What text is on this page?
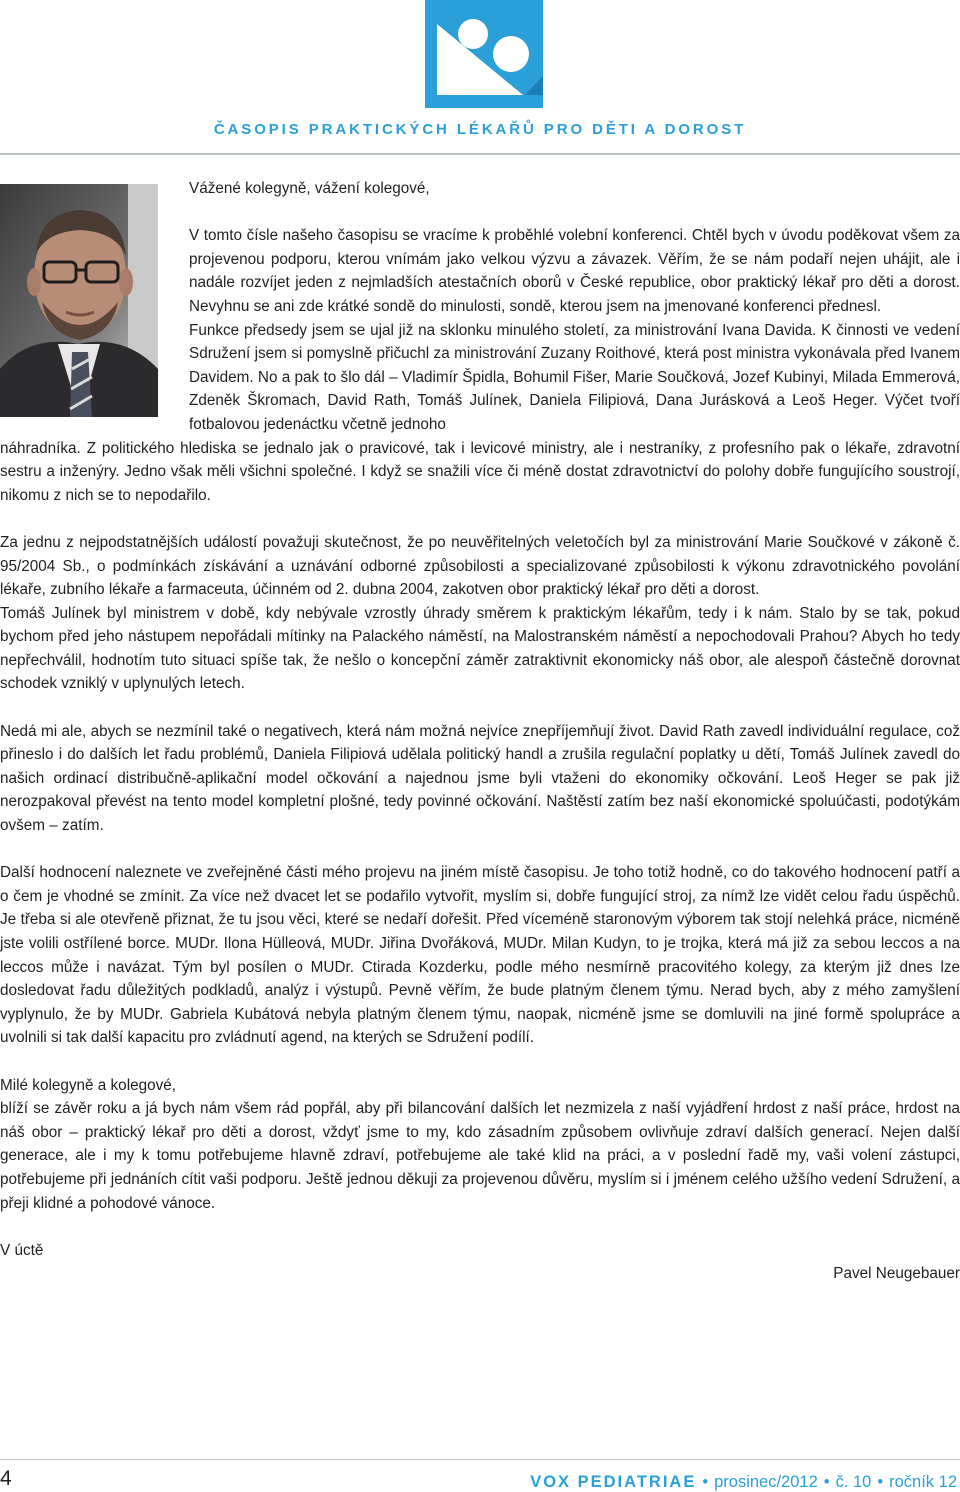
ČASOPIS PRAKTICKÝCH LÉKAŘŮ PRO DĚTI A DOROST

Vážené kolegyně, vážení kolegové,

V tomto čísle našeho časopisu se vracíme k proběhlé volební konferenci. Chtěl bych v úvodu poděkovat všem za projevenou podporu, kterou vnímám jako velkou výzvu a závazek. Věřím, že se nám podaří nejen uhájit, ale i nadále rozvíjet jeden z nejmladších atestačních oborů v České republice, obor praktický lékař pro děti a dorost. Nevyhnu se ani zde krátké sondě do minulosti, sondě, kterou jsem na jmenované konferenci přednesl.

Funkce předsedy jsem se ujal již na sklonku minulého století, za ministrování Ivana Davida. K činnosti ve vedení Sdružení jsem si pomyslně přičuchl za ministrování Zuzany Roithové, která post ministra vykonávala před Ivanem Davidem. No a pak to šlo dál – Vladimír Špidla, Bohumil Fišer, Marie Součková, Jozef Kubinyi, Milada Emmerová, Zdeněk Škromach, David Rath, Tomáš Julínek, Daniela Filipiová, Dana Jurásková a Leoš Heger. Výčet tvoří fotbalovou jedenáctku včetně jednoho

náhradníka. Z politického hlediska se jednalo jak o pravicové, tak i levicové ministry, ale i nestraníky, z profesního pak o lékaře, zdravotní sestru a inženýry. Jedno však měli všichni společné. I když se snažili více či méně dostat zdravotnictví do polohy dobře fungujícího soustrojí, nikomu z nich se to nepodařilo.

Za jednu z nejpodstatnějších událostí považuji skutečnost, že po neuvěřitelných veletočích byl za ministrování Marie Součkové v zákoně č. 95/2004 Sb., o podmínkách získávání a uznávání odborné způsobilosti a specializované způsobilosti k výkonu zdravotnického povolání lékaře, zubního lékaře a farmaceuta, účinném od 2. dubna 2004, zakotven obor praktický lékař pro děti a dorost.

Tomáš Julínek byl ministrem v době, kdy nebývale vzrostly úhrady směrem k praktickým lékařům, tedy i k nám. Stalo by se tak, pokud bychom před jeho nástupem nepořádali mítinky na Palackého náměstí, na Malostranském náměstí a nepochodovali Prahou? Abych ho tedy nepřechválil, hodnotím tuto situaci spíše tak, že nešlo o koncepční záměr zatraktivnit ekonomicky náš obor, ale alespoň částečně dorovnat schodek vzniklý v uplynulých letech.

Nedá mi ale, abych se nezmínil také o negativech, která nám možná nejvíce znepříjemňují život. David Rath zavedl individuální regulace, což přineslo i do dalších let řadu problémů, Daniela Filipiová udělala politický handl a zrušila regulační poplatky u dětí, Tomáš Julínek zavedl do našich ordinací distribučně-aplikační model očkování a najednou jsme byli vtaženi do ekonomiky očkování. Leoš Heger se pak již nerozpakoval převést na tento model kompletní plošné, tedy povinné očkování. Naštěstí zatím bez naší ekonomické spoluúčasti, podotýkám ovšem – zatím.

Další hodnocení naleznete ve zveřejněné části mého projevu na jiném místě časopisu. Je toho totiž hodně, co do takového hodnocení patří a o čem je vhodné se zmínit. Za více než dvacet let se podařilo vytvořit, myslím si, dobře fungující stroj, za nímž lze vidět celou řadu úspěchů. Je třeba si ale otevřeně přiznat, že tu jsou věci, které se nedaří dořešit. Před víceméně staronovým výborem tak stojí nelehká práce, nicméně jste volili ostřílené borce. MUDr. Ilona Hülleová, MUDr. Jiřina Dvořáková, MUDr. Milan Kudyn, to je trojka, která má již za sebou leccos a na leccos může i navázat. Tým byl posílen o MUDr. Ctirada Kozderku, podle mého nesmírně pracovitého kolegy, za kterým již dnes lze dosledovat řadu důležitých podkladů, analýz i výstupů. Pevně věřím, že bude platným členem týmu. Nerad bych, aby z mého zamyšlení vyplynulo, že by MUDr. Gabriela Kubátová nebyla platným členem týmu, naopak, nicméně jsme se domluvili na jiné formě spolupráce a uvolnili si tak další kapacitu pro zvládnutí agend, na kterých se Sdružení podílí.

Milé kolegyně a kolegové,

blíží se závěr roku a já bych nám všem rád popřál, aby při bilancování dalších let nezmizela z naší vyjádření hrdost z naší práce, hrdost na náš obor – praktický lékař pro děti a dorost, vždyť jsme to my, kdo zásadním způsobem ovlivňuje zdraví dalších generací. Nejen další generace, ale i my k tomu potřebujeme hlavně zdraví, potřebujeme ale také klid na práci, a v poslední řadě my, vaši volení zástupci, potřebujeme při jednáních cítit vaši podporu. Ještě jednou děkuji za projevenou důvěru, myslím si i jménem celého užšího vedení Sdružení, a přeji klidné a pohodové vánoce.

V úctě

Pavel Neugebauer

4	VOX PEDIATRIAE • prosinec/2012 • č. 10 • ročník 12
